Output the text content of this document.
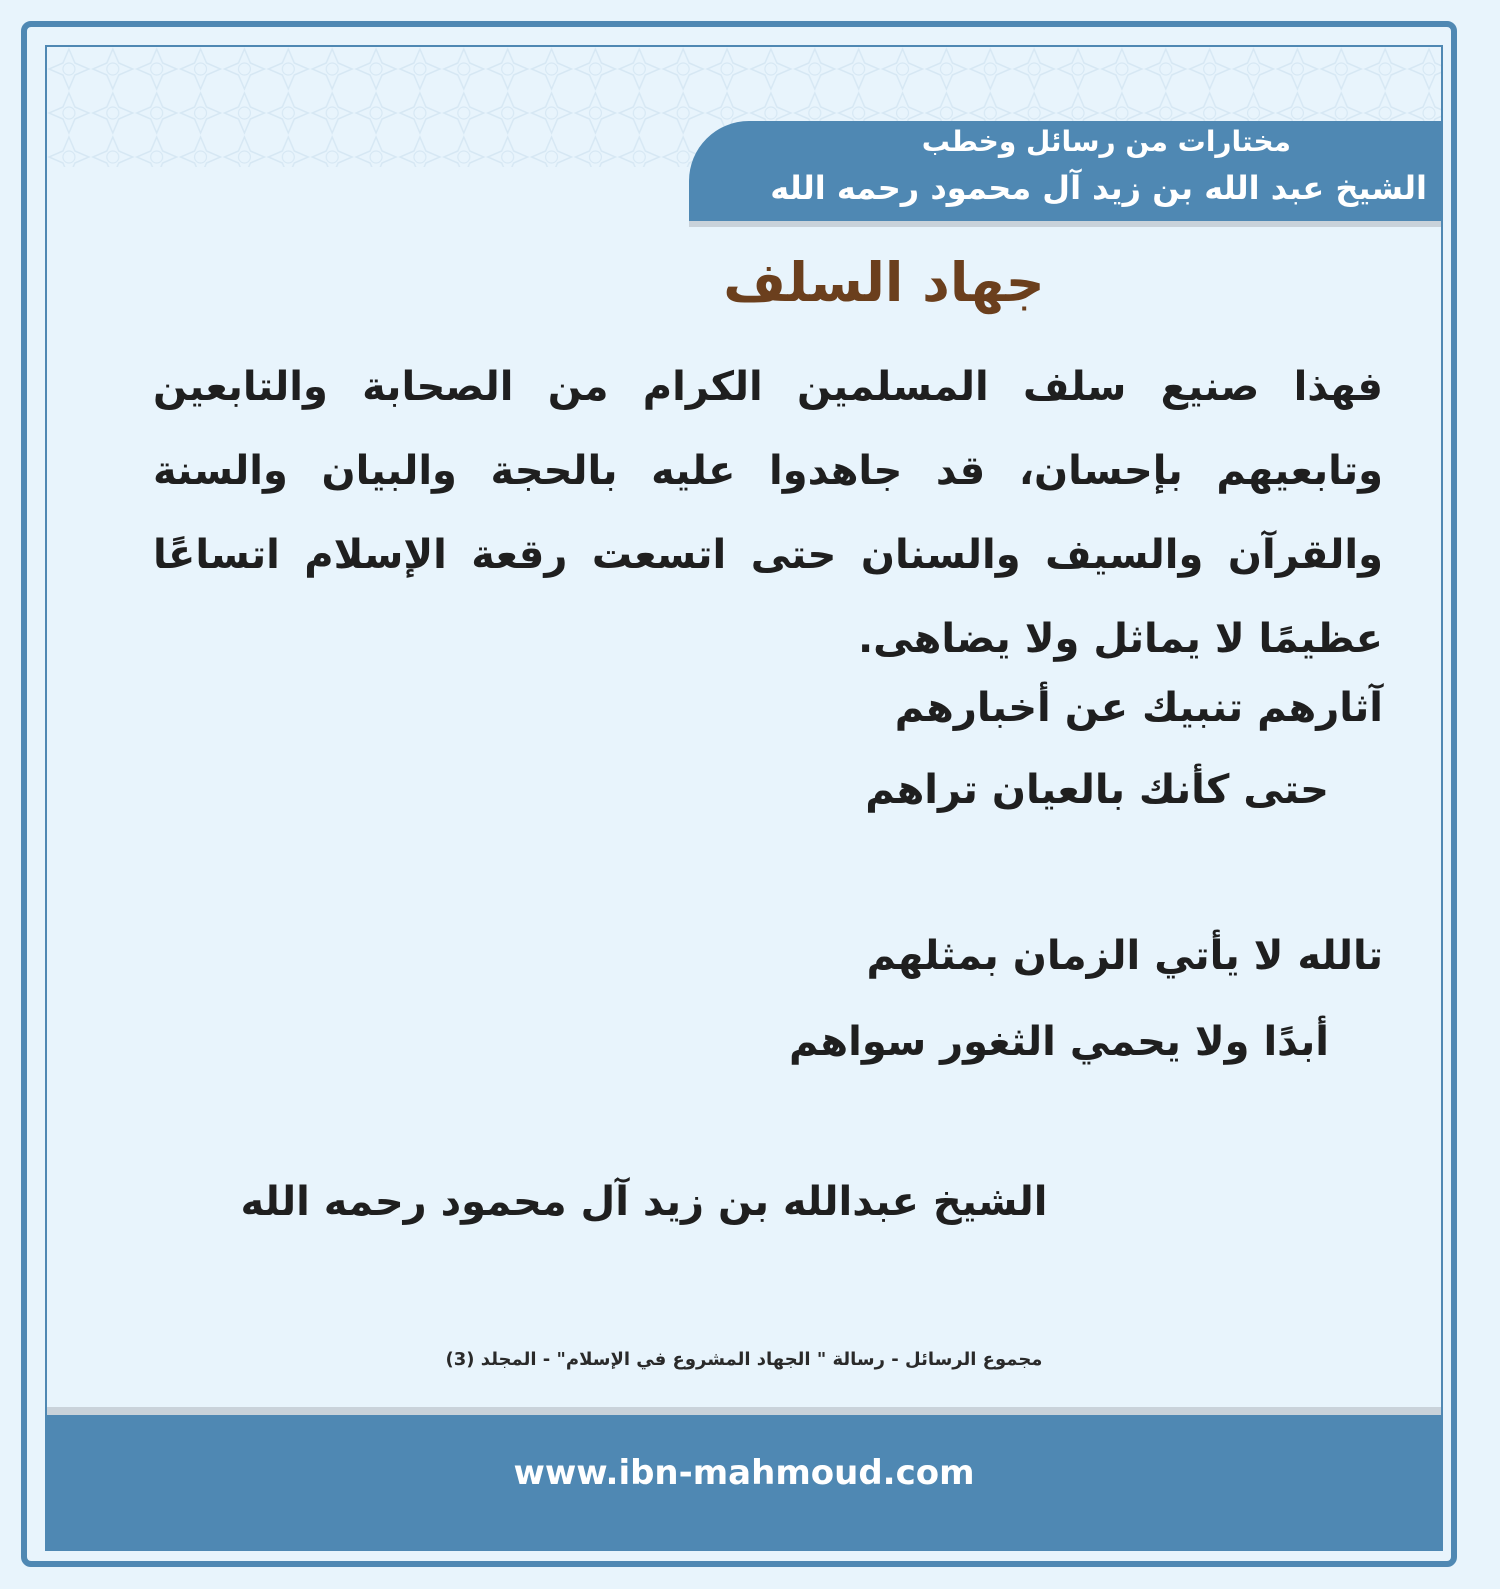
مختارات من رسائل وخطب
الشيخ عبد الله بن زيد آل محمود رحمه الله
جهاد السلف
فهذا صنيع سلف المسلمين الكرام من الصحابة والتابعين وتابعيهم بإحسان، قد جاهدوا عليه بالحجة والبيان والسنة والقرآن والسيف والسنان حتى اتسعت رقعة الإسلام اتساعًا عظيمًا لا يماثل ولا يضاهى.
آثارهم تنبيك عن أخبارهم
حتى كأنك بالعيان تراهم
تالله لا يأتي الزمان بمثلهم
أبدًا ولا يحمي الثغور سواهم
الشيخ عبدالله بن زيد آل محمود رحمه الله
مجموع الرسائل - رسالة " الجهاد المشروع في الإسلام" - المجلد (3)
www.ibn-mahmoud.com
